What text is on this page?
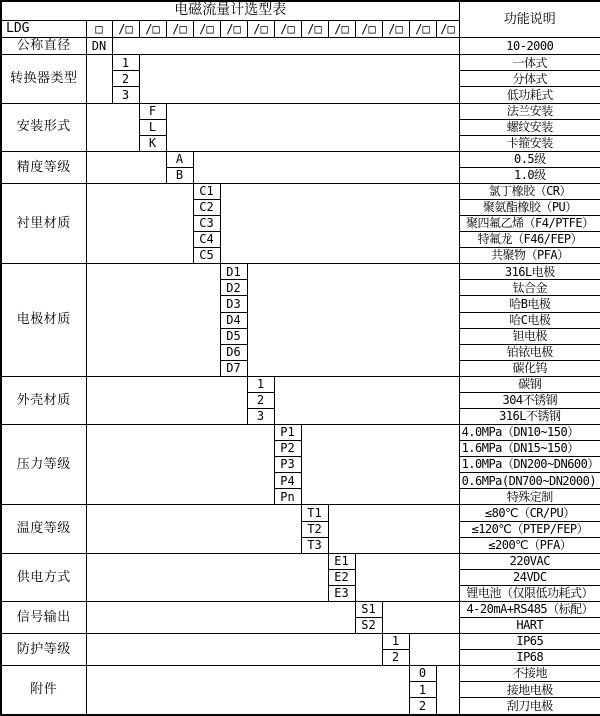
电磁流量计选型表															功能说明
LDG	□	/□	/□	/□	/□	/□	/□	/□	/□	/□	/□	/□	/□	/□	
公称直径	DN														10-2000
转换器类型		1													一体式
		2													分体式
		3													低功耗式
安装形式			F												法兰安装
			L												螺纹安装
			K												卡箍安装
精度等级				A											0.5级
				B											1.0级
衬里材质					C1										氯丁橡胶（CR）
					C2										聚氨酯橡胶（PU）
					C3										聚四氟乙烯（F4/PTFE）
					C4										特氟龙（F46/FEP）
					C5										共聚物（PFA）
电极材质						D1									316L电极
						D2									钛合金
						D3									哈B电极
						D4									哈C电极
						D5									钽电极
						D6									铂铱电极
						D7									碳化钨
外壳材质							1								碳钢
							2								304不锈钢
							3								316L不锈钢
压力等级								P1							4.0MPa（DN10~150）
								P2							1.6MPa（DN15~150）
								P3							1.0MPa（DN200~DN600）
								P4							0.6MPa(DN700~DN2000)
								Pn							特殊定制
温度等级									T1						≤80℃（CR/PU）
									T2						≤120℃（PTEP/FEP）
									T3						≤200℃（PFA）
供电方式										E1					220VAC
										E2					24VDC
										E3					锂电池（仅限低功耗式）
信号输出											S1				4-20mA+RS485（标配）
											S2				HART
防护等级												1			IP65
												2			IP68
附件													0		不接地
													1		接地电极
													2		刮刀电极
